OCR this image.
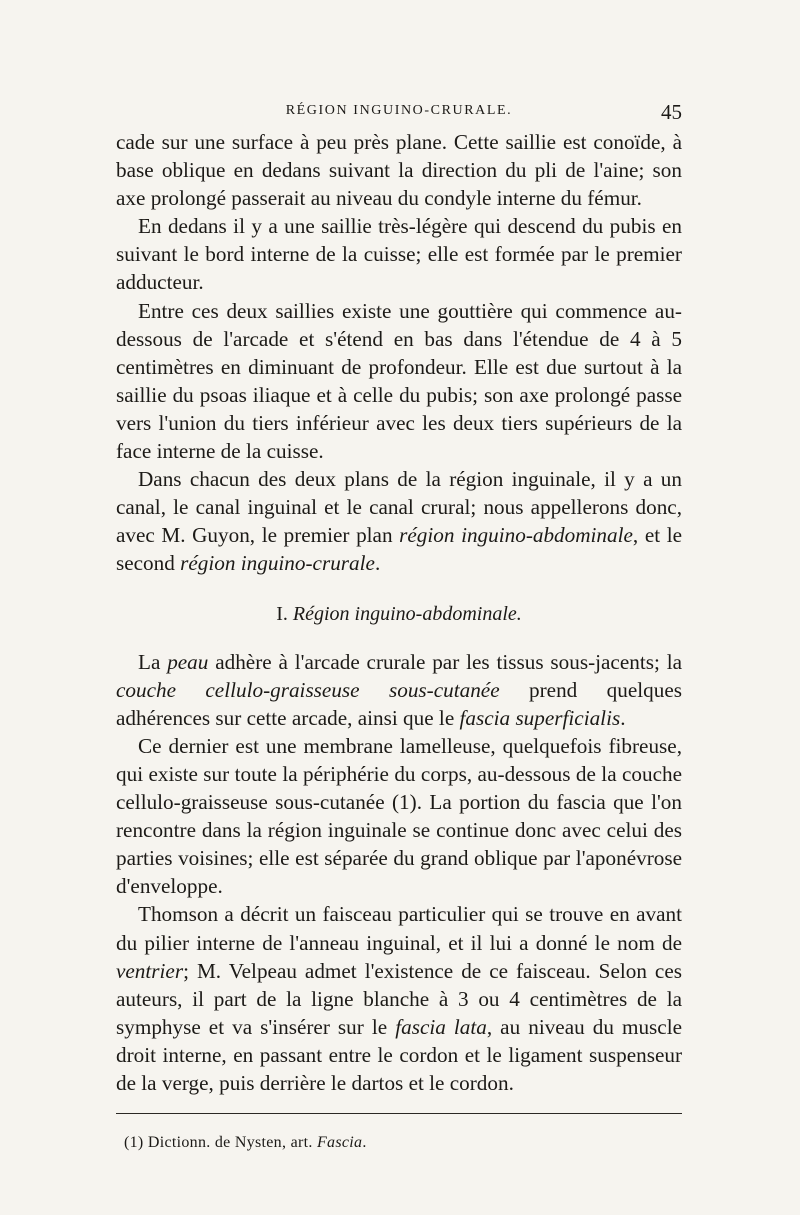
RÉGION INGUINO-CRURALE.	45

cade sur une surface à peu près plane. Cette saillie est conoïde, à base oblique en dedans suivant la direction du pli de l'aine; son axe prolongé passerait au niveau du condyle interne du fémur.

En dedans il y a une saillie très-légère qui descend du pubis en suivant le bord interne de la cuisse; elle est formée par le premier adducteur.

Entre ces deux saillies existe une gouttière qui commence au-dessous de l'arcade et s'étend en bas dans l'étendue de 4 à 5 centimètres en diminuant de profondeur. Elle est due surtout à la saillie du psoas iliaque et à celle du pubis; son axe prolongé passe vers l'union du tiers inférieur avec les deux tiers supérieurs de la face interne de la cuisse.

Dans chacun des deux plans de la région inguinale, il y a un canal, le canal inguinal et le canal crural; nous appellerons donc, avec M. Guyon, le premier plan région inguino-abdominale, et le second région inguino-crurale.

I. Région inguino-abdominale.

La peau adhère à l'arcade crurale par les tissus sous-jacents; la couche cellulo-graisseuse sous-cutanée prend quelques adhérences sur cette arcade, ainsi que le fascia superficialis.

Ce dernier est une membrane lamelleuse, quelquefois fibreuse, qui existe sur toute la périphérie du corps, au-dessous de la couche cellulo-graisseuse sous-cutanée (1). La portion du fascia que l'on rencontre dans la région inguinale se continue donc avec celui des parties voisines; elle est séparée du grand oblique par l'aponévrose d'enveloppe.

Thomson a décrit un faisceau particulier qui se trouve en avant du pilier interne de l'anneau inguinal, et il lui a donné le nom de ventrier; M. Velpeau admet l'existence de ce faisceau. Selon ces auteurs, il part de la ligne blanche à 3 ou 4 centimètres de la symphyse et va s'insérer sur le fascia lata, au niveau du muscle droit interne, en passant entre le cordon et le ligament suspenseur de la verge, puis derrière le dartos et le cordon.

(1) Dictionn. de Nysten, art. Fascia.
